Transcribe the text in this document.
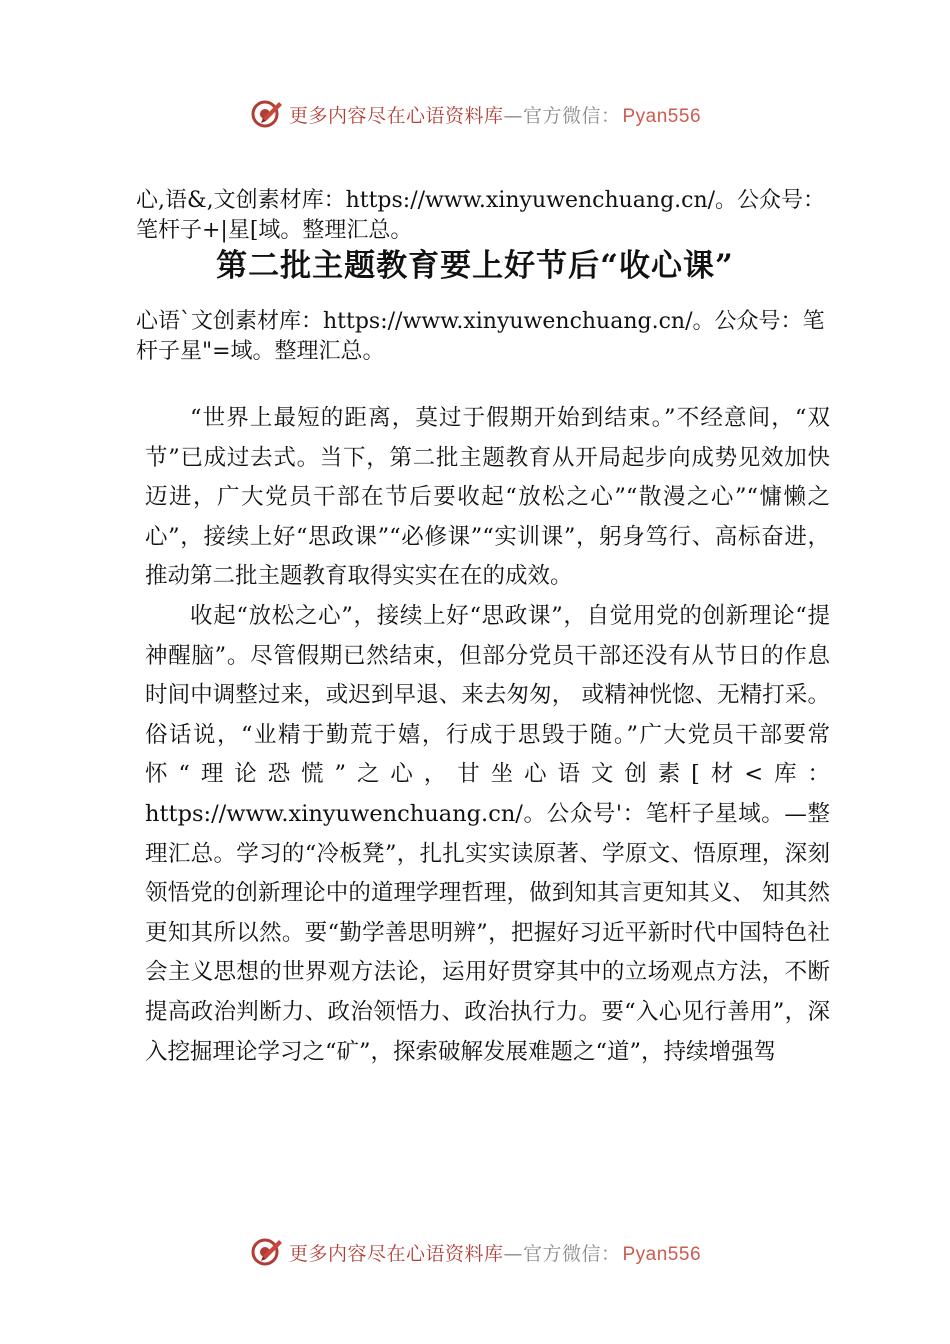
更多内容尽在心语资料库—官方微信： Pyan556

心,语&,文创素材库：https://www.xinyuwenchuang.cn/。公众号：笔杆子+|星[域。整理汇总。

第二批主题教育要上好节后“收心课”

心语`文创素材库：https://www.xinyuwenchuang.cn/。公众号：笔杆子星"=域。整理汇总。

“世界上最短的距离，莫过于假期开始到结束。”不经意间，“双节”已成过去式。当下，第二批主题教育从开局起步向成势见效加快迈进，广大党员干部在节后要收起“放松之心”“散漫之心”“慵懒之心”，接续上好“思政课”“必修课”“实训课”，躬身笃行、高标奋进，推动第二批主题教育取得实实在在的成效。

收起“放松之心”，接续上好“思政课”，自觉用党的创新理论“提神醒脑”。尽管假期已然结束，但部分党员干部还没有从节日的作息时间中调整过来，或迟到早退、来去匆匆， 或精神恍惚、无精打采。俗话说，“业精于勤荒于嬉，行成于思毁于随。”广大党员干部要常怀“理论恐慌”之心，甘坐心语文创素[材<库：https://www.xinyuwenchuang.cn/。公众号'：笔杆子星域。—整理汇总。学习的“冷板凳”，扎扎实实读原著、学原文、悟原理，深刻领悟党的创新理论中的道理学理哲理，做到知其言更知其义、 知其然更知其所以然。要“勤学善思明辨”，把握好习近平新时代中国特色社会主义思想的世界观方法论，运用好贯穿其中的立场观点方法，不断提高政治判断力、政治领悟力、政治执行力。要“入心见行善用”，深入挖掘理论学习之“矿”，探索破解发展难题之“道”，持续增强驾

更多内容尽在心语资料库—官方微信： Pyan556
